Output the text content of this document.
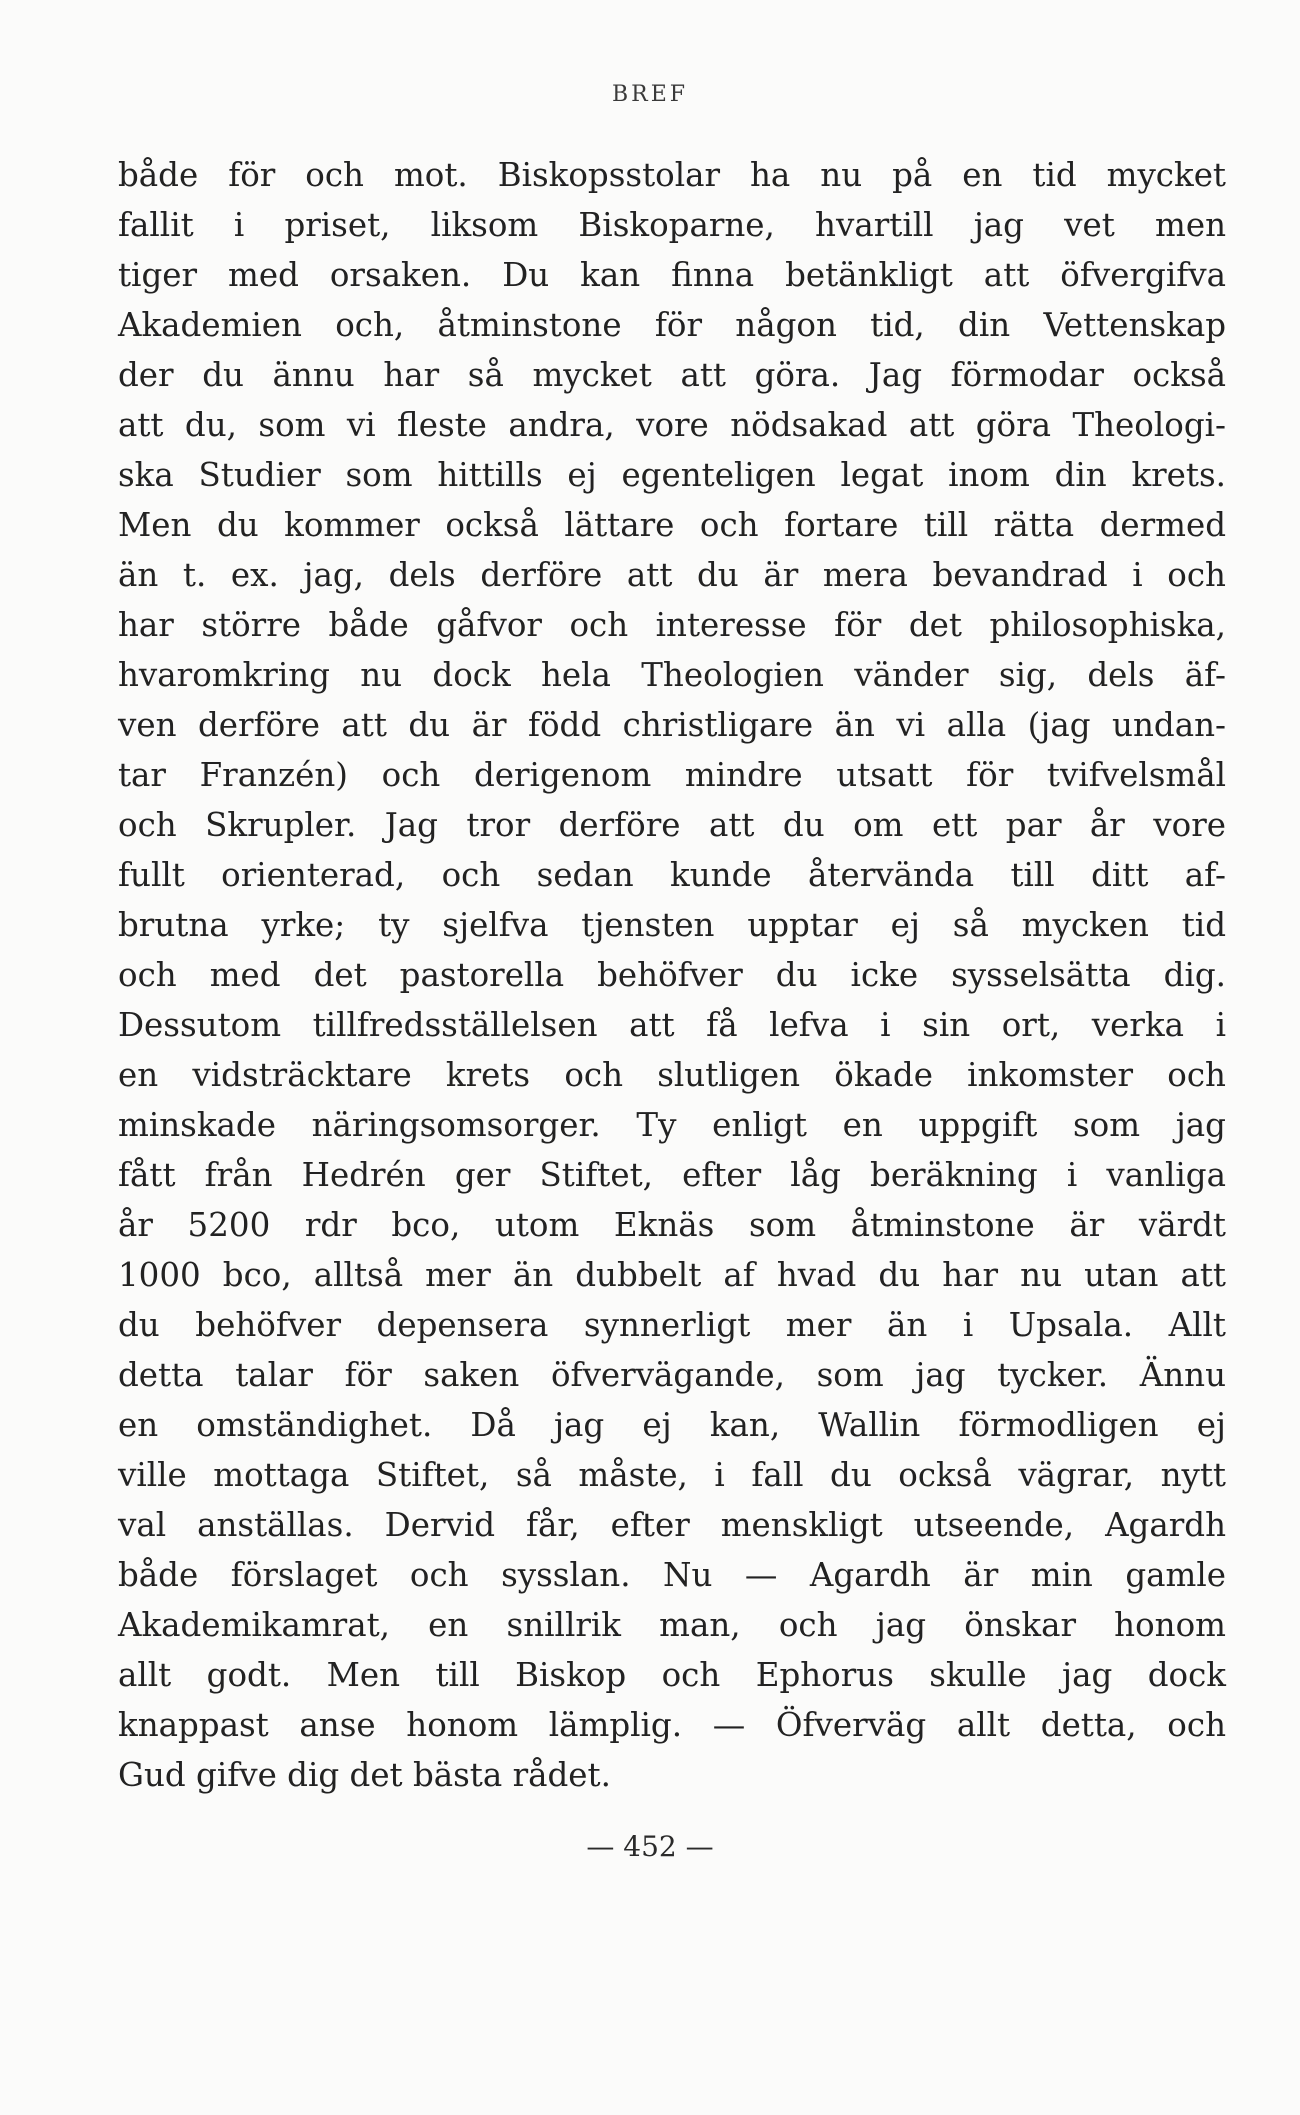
BREF
både för och mot. Biskopsstolar ha nu på en tid mycket
fallit i priset, liksom Biskoparne, hvartill jag vet men
tiger med orsaken. Du kan finna betänkligt att öfvergifva
Akademien och, åtminstone för någon tid, din Vettenskap
der du ännu har så mycket att göra. Jag förmodar också
att du, som vi fleste andra, vore nödsakad att göra Theologi-
ska Studier som hittills ej egenteligen legat inom din krets.
Men du kommer också lättare och fortare till rätta dermed
än t. ex. jag, dels derföre att du är mera bevandrad i och
har större både gåfvor och interesse för det philosophiska,
hvaromkring nu dock hela Theologien vänder sig, dels äf-
ven derföre att du är född christligare än vi alla (jag undan-
tar Franzén) och derigenom mindre utsatt för tvifvelsmål
och Skrupler. Jag tror derföre att du om ett par år vore
fullt orienterad, och sedan kunde återvända till ditt af-
brutna yrke; ty sjelfva tjensten upptar ej så mycken tid
och med det pastorella behöfver du icke sysselsätta dig.
Dessutom tillfredsställelsen att få lefva i sin ort, verka i
en vidsträcktare krets och slutligen ökade inkomster och
minskade näringsomsorger. Ty enligt en uppgift som jag
fått från Hedrén ger Stiftet, efter låg beräkning i vanliga
år 5200 rdr bco, utom Eknäs som åtminstone är värdt
1000 bco, alltså mer än dubbelt af hvad du har nu utan att
du behöfver depensera synnerligt mer än i Upsala. Allt
detta talar för saken öfvervägande, som jag tycker. Ännu
en omständighet. Då jag ej kan, Wallin förmodligen ej
ville mottaga Stiftet, så måste, i fall du också vägrar, nytt
val anställas. Dervid får, efter menskligt utseende, Agardh
både förslaget och sysslan. Nu — Agardh är min gamle
Akademikamrat, en snillrik man, och jag önskar honom
allt godt. Men till Biskop och Ephorus skulle jag dock
knappast anse honom lämplig. — Öfverväg allt detta, och
Gud gifve dig det bästa rådet.
— 452 —
